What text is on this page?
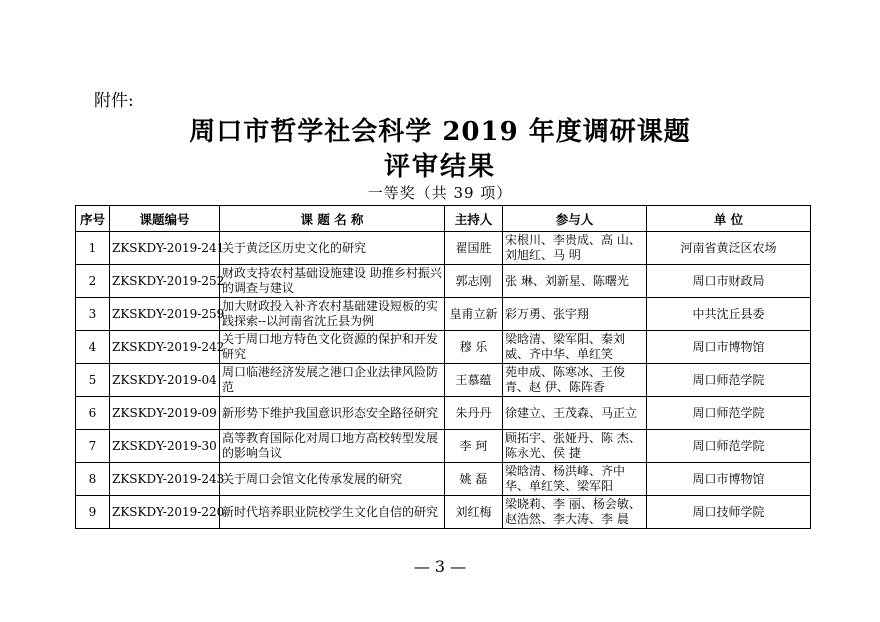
附件:
周口市哲学社会科学 2019 年度调研课题
评审结果
一等奖（共 39 项）
序号	课题编号	课 题 名 称	主持人	参与人	单 位
1	ZKSKDY-2019-241	关于黄泛区历史文化的研究	翟国胜	宋根川、李贵成、高 山、刘旭红、马 明	河南省黄泛区农场
2	ZKSKDY-2019-252	财政支持农村基础设施建设 助推乡村振兴的调查与建议	郭志刚	张 琳、刘新星、陈曙光	周口市财政局
3	ZKSKDY-2019-259	加大财政投入补齐农村基础建设短板的实践探索--以河南省沈丘县为例	皇甫立新	彩万勇、张宇翔	中共沈丘县委
4	ZKSKDY-2019-242	关于周口地方特色文化资源的保护和开发研究	穆 乐	梁晗清、梁军阳、秦刘威、齐中华、单红笑	周口市博物馆
5	ZKSKDY-2019-04	周口临港经济发展之港口企业法律风险防范	王慕蕴	苑申成、陈寒冰、王俊青、赵 伊、陈阵香	周口师范学院
6	ZKSKDY-2019-09	新形势下维护我国意识形态安全路径研究	朱丹丹	徐建立、王茂森、马正立	周口师范学院
7	ZKSKDY-2019-30	高等教育国际化对周口地方高校转型发展的影响刍议	李 珂	顾拓宇、张娅丹、陈 杰、陈永光、侯 捷	周口师范学院
8	ZKSKDY-2019-243	关于周口会馆文化传承发展的研究	姚 磊	梁晗清、杨洪峰、齐中华、单红笑、梁军阳	周口市博物馆
9	ZKSKDY-2019-220	新时代培养职业院校学生文化自信的研究	刘红梅	梁晓莉、李 丽、杨会敏、赵浩然、李大涛、李 晨	周口技师学院
— 3 —
